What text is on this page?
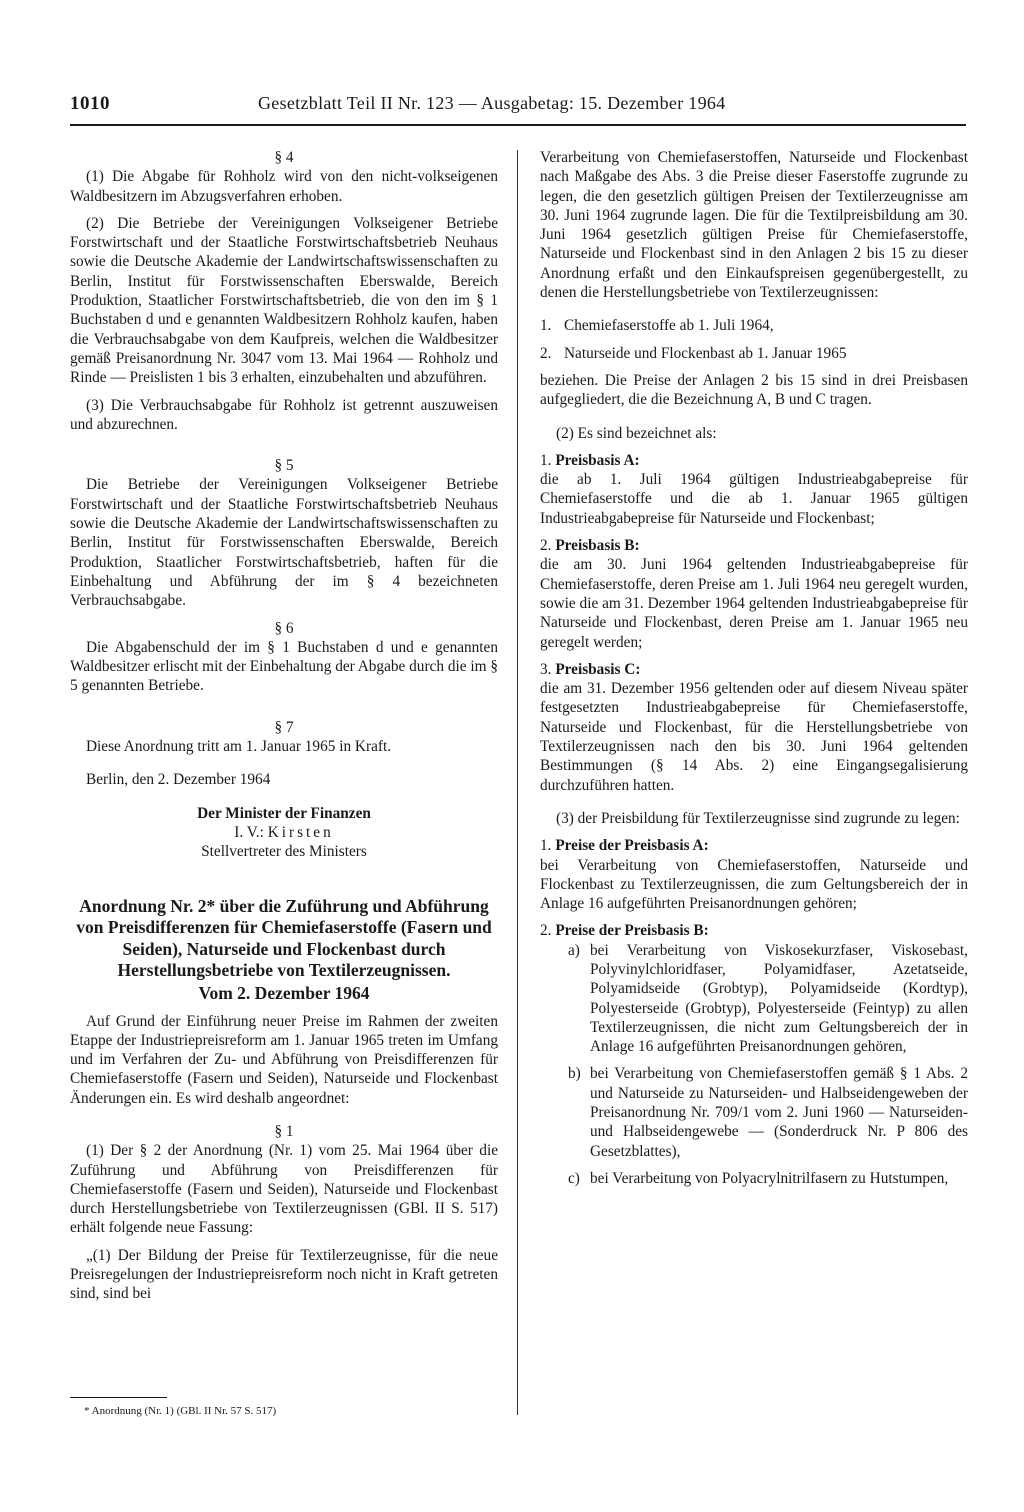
1010	Gesetzblatt Teil II Nr. 123 — Ausgabetag: 15. Dezember 1964

§ 4

(1) Die Abgabe für Rohholz wird von den nicht-volkseigenen Waldbesitzern im Abzugsverfahren erhoben.

(2) Die Betriebe der Vereinigungen Volkseigener Betriebe Forstwirtschaft und der Staatliche Forstwirtschaftsbetrieb Neuhaus sowie die Deutsche Akademie der Landwirtschaftswissenschaften zu Berlin, Institut für Forstwissenschaften Eberswalde, Bereich Produktion, Staatlicher Forstwirtschaftsbetrieb, die von den im § 1 Buchstaben d und e genannten Waldbesitzern Rohholz kaufen, haben die Verbrauchsabgabe von dem Kaufpreis, welchen die Waldbesitzer gemäß Preisanordnung Nr. 3047 vom 13. Mai 1964 — Rohholz und Rinde — Preislisten 1 bis 3 erhalten, einzubehalten und abzuführen.

(3) Die Verbrauchsabgabe für Rohholz ist getrennt auszuweisen und abzurechnen.

§ 5

Die Betriebe der Vereinigungen Volkseigener Betriebe Forstwirtschaft und der Staatliche Forstwirtschaftsbetrieb Neuhaus sowie die Deutsche Akademie der Landwirtschaftswissenschaften zu Berlin, Institut für Forstwissenschaften Eberswalde, Bereich Produktion, Staatlicher Forstwirtschaftsbetrieb, haften für die Einbehaltung und Abführung der im § 4 bezeichneten Verbrauchsabgabe.

§ 6

Die Abgabenschuld der im § 1 Buchstaben d und e genannten Waldbesitzer erlischt mit der Einbehaltung der Abgabe durch die im § 5 genannten Betriebe.

§ 7

Diese Anordnung tritt am 1. Januar 1965 in Kraft.

Berlin, den 2. Dezember 1964

Der Minister der Finanzen

I. V.: Kirsten

Stellvertreter des Ministers

Anordnung Nr. 2* über die Zuführung und Abführung von Preisdifferenzen für Chemiefaserstoffe (Fasern und Seiden), Naturseide und Flockenbast durch Herstellungsbetriebe von Textilerzeugnissen.

Vom 2. Dezember 1964

Auf Grund der Einführung neuer Preise im Rahmen der zweiten Etappe der Industriepreisreform am 1. Januar 1965 treten im Umfang und im Verfahren der Zu- und Abführung von Preisdifferenzen für Chemiefaserstoffe (Fasern und Seiden), Naturseide und Flockenbast Änderungen ein. Es wird deshalb angeordnet:

§ 1

(1) Der § 2 der Anordnung (Nr. 1) vom 25. Mai 1964 über die Zuführung und Abführung von Preisdifferenzen für Chemiefaserstoffe (Fasern und Seiden), Naturseide und Flockenbast durch Herstellungsbetriebe von Textilerzeugnissen (GBl. II S. 517) erhält folgende neue Fassung:

„(1) Der Bildung der Preise für Textilerzeugnisse, für die neue Preisregelungen der Industriepreisreform noch nicht in Kraft getreten sind, sind bei

Verarbeitung von Chemiefaserstoffen, Naturseide und Flockenbast nach Maßgabe des Abs. 3 die Preise dieser Faserstoffe zugrunde zu legen, die den gesetzlich gültigen Preisen der Textilerzeugnisse am 30. Juni 1964 zugrunde lagen. Die für die Textilpreisbildung am 30. Juni 1964 gesetzlich gültigen Preise für Chemiefaserstoffe, Naturseide und Flockenbast sind in den Anlagen 2 bis 15 zu dieser Anordnung erfaßt und den Einkaufspreisen gegenübergestellt, zu denen die Herstellungsbetriebe von Textilerzeugnissen:

1. Chemiefaserstoffe ab 1. Juli 1964,
2. Naturseide und Flockenbast ab 1. Januar 1965

beziehen. Die Preise der Anlagen 2 bis 15 sind in drei Preisbasen aufgegliedert, die die Bezeichnung A, B und C tragen.

(2) Es sind bezeichnet als:

1. Preisbasis A:

die ab 1. Juli 1964 gültigen Industrieabgabepreise für Chemiefaserstoffe und die ab 1. Januar 1965 gültigen Industrieabgabepreise für Naturseide und Flockenbast;

2. Preisbasis B:

die am 30. Juni 1964 geltenden Industrieabgabepreise für Chemiefaserstoffe, deren Preise am 1. Juli 1964 neu geregelt wurden, sowie die am 31. Dezember 1964 geltenden Industrieabgabepreise für Naturseide und Flockenbast, deren Preise am 1. Januar 1965 neu geregelt werden;

3. Preisbasis C:

die am 31. Dezember 1956 geltenden oder auf diesem Niveau später festgesetzten Industrieabgabepreise für Chemiefaserstoffe, Naturseide und Flockenbast, für die Herstellungsbetriebe von Textilerzeugnissen nach den bis 30. Juni 1964 geltenden Bestimmungen (§ 14 Abs. 2) eine Eingangsegalisierung durchzuführen hatten.

(3) der Preisbildung für Textilerzeugnisse sind zugrunde zu legen:

1. Preise der Preisbasis A:

bei Verarbeitung von Chemiefaserstoffen, Naturseide und Flockenbast zu Textilerzeugnissen, die zum Geltungsbereich der in Anlage 16 aufgeführten Preisanordnungen gehören;

2. Preise der Preisbasis B:

a) bei Verarbeitung von Viskosekurzfaser, Viskosebast, Polyvinylchloridfaser, Polyamidfaser, Azetatseide, Polyamidseide (Grobtyp), Polyamidseide (Kordtyp), Polyesterseide (Grobtyp), Polyesterseide (Feintyp) zu allen Textilerzeugnissen, die nicht zum Geltungsbereich der in Anlage 16 aufgeführten Preisanordnungen gehören,
b) bei Verarbeitung von Chemiefaserstoffen gemäß § 1 Abs. 2 und Naturseide zu Naturseiden- und Halbseidengeweben der Preisanordnung Nr. 709/1 vom 2. Juni 1960 — Naturseiden- und Halbseidengewebe — (Sonderdruck Nr. P 806 des Gesetzblattes),
c) bei Verarbeitung von Polyacrylnitrilfasern zu Hutstumpen,
* Anordnung (Nr. 1) (GBl. II Nr. 57 S. 517)
